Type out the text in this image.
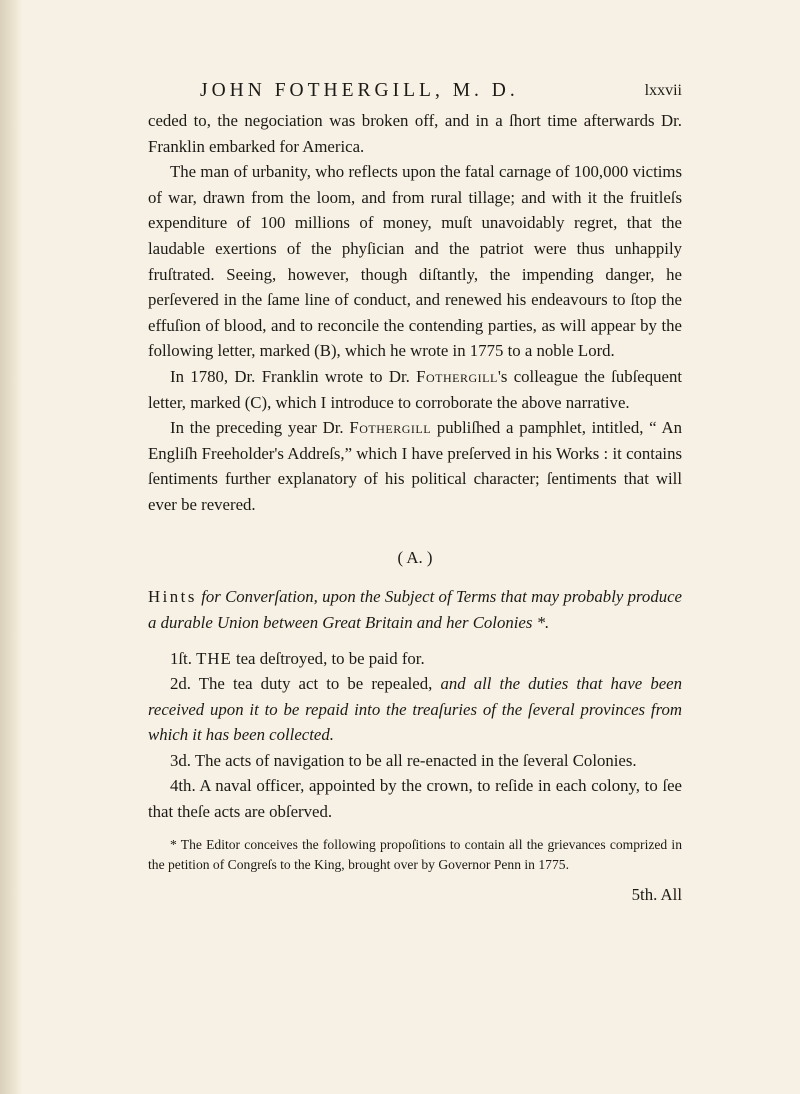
JOHN FOTHERGILL, M. D.	lxxvii

ceded to, the negociation was broken off, and in a ſhort time afterwards Dr. Franklin embarked for America.

The man of urbanity, who reflects upon the fatal carnage of 100,000 victims of war, drawn from the loom, and from rural tillage; and with it the fruitleſs expenditure of 100 millions of money, muſt unavoidably regret, that the laudable exertions of the phyſician and the patriot were thus unhappily fruſtrated. Seeing, however, though diſtantly, the impending danger, he perſevered in the ſame line of conduct, and renewed his endeavours to ſtop the effuſion of blood, and to reconcile the contending parties, as will appear by the following letter, marked (B), which he wrote in 1775 to a noble Lord.

In 1780, Dr. Franklin wrote to Dr. Fothergill's colleague the ſubſequent letter, marked (C), which I introduce to corroborate the above narrative.

In the preceding year Dr. Fothergill publiſhed a pamphlet, intitled, “ An Engliſh Freeholder's Addreſs,” which I have preſerved in his Works : it contains ſentiments further explanatory of his political character; ſentiments that will ever be revered.

( A. )

Hints for Converſation, upon the Subject of Terms that may probably produce a durable Union between Great Britain and her Colonies *.

1ſt. THE tea deſtroyed, to be paid for.

2d. The tea duty act to be repealed, and all the duties that have been received upon it to be repaid into the treaſuries of the ſeveral provinces from which it has been collected.

3d. The acts of navigation to be all re-enacted in the ſeveral Colonies.

4th. A naval officer, appointed by the crown, to reſide in each colony, to ſee that theſe acts are obſerved.

* The Editor conceives the following propoſitions to contain all the grievances comprized in the petition of Congreſs to the King, brought over by Governor Penn in 1775.

5th. All
